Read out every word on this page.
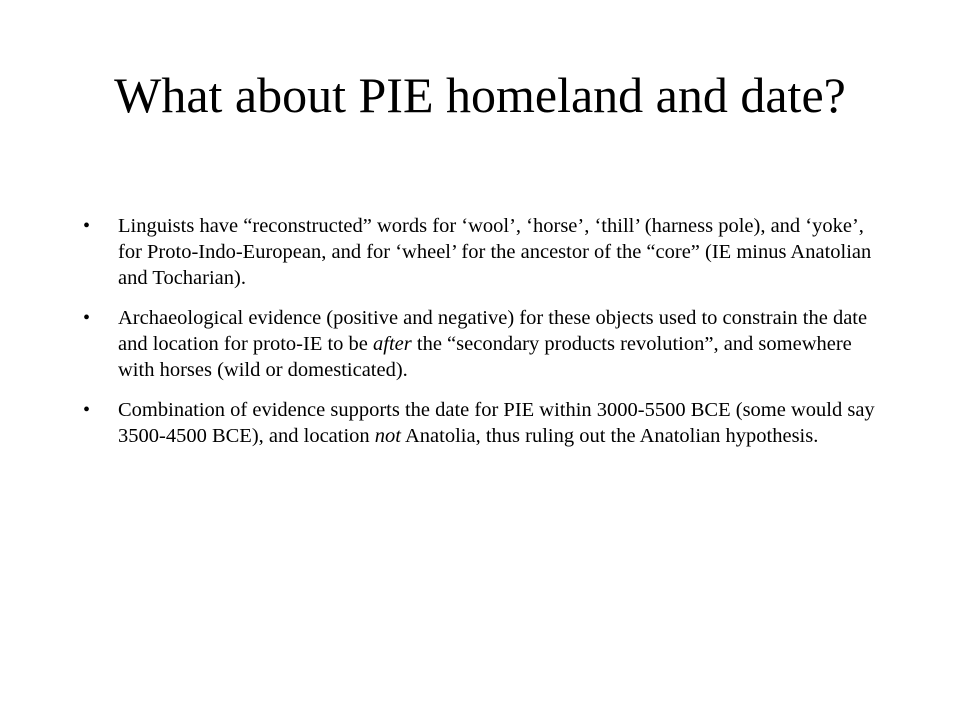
What about PIE homeland and date?
• Linguists have “reconstructed” words for ‘wool’, ‘horse’, ‘thill’ (harness pole), and ‘yoke’, for Proto-Indo-European, and for ‘wheel’ for the ancestor of the “core” (IE minus Anatolian and Tocharian).
• Archaeological evidence (positive and negative) for these objects used to constrain the date and location for proto-IE to be after the “secondary products revolution”, and somewhere with horses (wild or domesticated).
• Combination of evidence supports the date for PIE within 3000-5500 BCE (some would say 3500-4500 BCE), and location not Anatolia, thus ruling out the Anatolian hypothesis.
